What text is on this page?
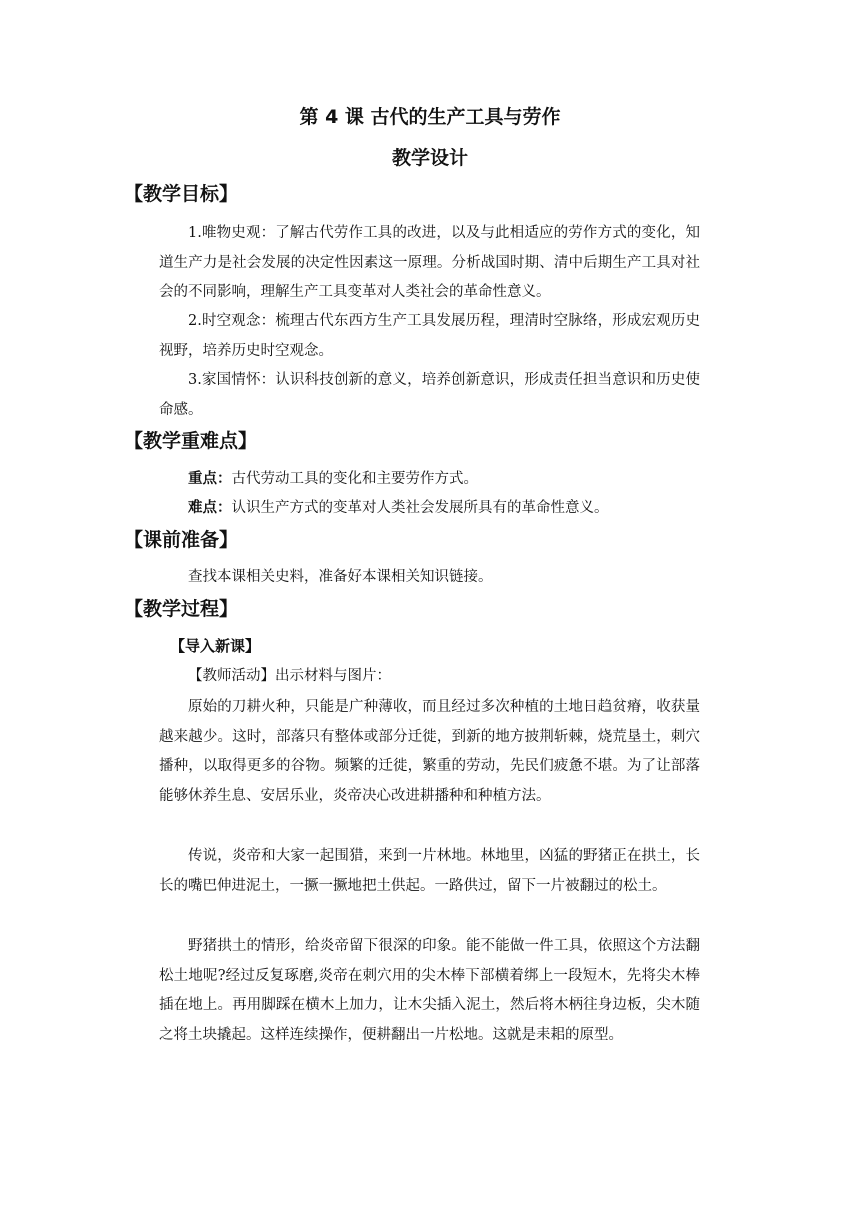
第 4 课 古代的生产工具与劳作
教学设计
【教学目标】

1.唯物史观：了解古代劳作工具的改进，以及与此相适应的劳作方式的变化，知道生产力是社会发展的决定性因素这一原理。分析战国时期、清中后期生产工具对社会的不同影响，理解生产工具变革对人类社会的革命性意义。

2.时空观念：梳理古代东西方生产工具发展历程，理清时空脉络，形成宏观历史视野，培养历史时空观念。

3.家国情怀：认识科技创新的意义，培养创新意识，形成责任担当意识和历史使命感。

【教学重难点】

重点：古代劳动工具的变化和主要劳作方式。

难点：认识生产方式的变革对人类社会发展所具有的革命性意义。

【课前准备】

查找本课相关史料，准备好本课相关知识链接。

【教学过程】
【导入新课】

【教师活动】出示材料与图片：

原始的刀耕火种，只能是广种薄收，而且经过多次种植的土地日趋贫瘠，收获量越来越少。这时，部落只有整体或部分迁徙，到新的地方披荆斩棘，烧荒垦土，刺穴播种，以取得更多的谷物。频繁的迁徙，繁重的劳动，先民们疲惫不堪。为了让部落能够休养生息、安居乐业，炎帝决心改进耕播种和种植方法。

传说，炎帝和大家一起围猎，来到一片林地。林地里，凶猛的野猪正在拱土，长长的嘴巴伸进泥土，一撅一撅地把土供起。一路供过，留下一片被翻过的松土。

野猪拱土的情形，给炎帝留下很深的印象。能不能做一件工具，依照这个方法翻松土地呢?经过反复琢磨,炎帝在刺穴用的尖木棒下部横着绑上一段短木，先将尖木棒插在地上。再用脚踩在横木上加力，让木尖插入泥土，然后将木柄往身边板，尖木随之将土块撬起。这样连续操作，便耕翻出一片松地。这就是耒耜的原型。
